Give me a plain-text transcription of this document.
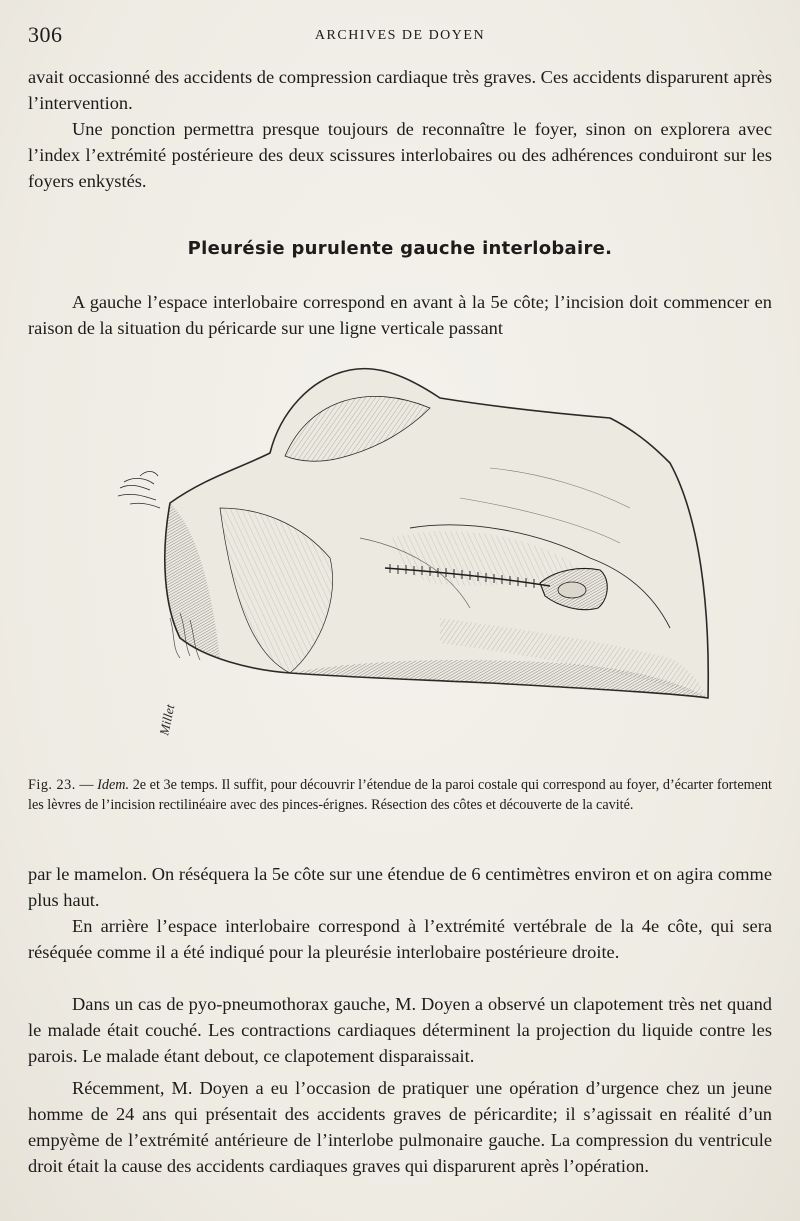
306	ARCHIVES DE DOYEN

avait occasionné des accidents de compression cardiaque très graves. Ces accidents disparurent après l’intervention.

Une ponction permettra presque toujours de reconnaître le foyer, sinon on explorera avec l’index l’extrémité postérieure des deux scissures interlobaires ou des adhérences conduiront sur les foyers enkystés.

Pleurésie purulente gauche interlobaire.

A gauche l’espace interlobaire correspond en avant à la 5e côte; l’incision doit commencer en raison de la situation du péricarde sur une ligne verticale passant

Millet

Fig. 23. — Idem. 2e et 3e temps. Il suffit, pour découvrir l’étendue de la paroi costale qui correspond au foyer, d’écarter fortement les lèvres de l’incision rectilinéaire avec des pinces-érignes. Résection des côtes et découverte de la cavité.

par le mamelon. On réséquera la 5e côte sur une étendue de 6 centimètres environ et on agira comme plus haut.

En arrière l’espace interlobaire correspond à l’extrémité vertébrale de la 4e côte, qui sera réséquée comme il a été indiqué pour la pleurésie interlobaire postérieure droite.

Dans un cas de pyo-pneumothorax gauche, M. Doyen a observé un clapotement très net quand le malade était couché. Les contractions cardiaques déterminent la projection du liquide contre les parois. Le malade étant debout, ce clapotement disparaissait.

Récemment, M. Doyen a eu l’occasion de pratiquer une opération d’urgence chez un jeune homme de 24 ans qui présentait des accidents graves de péricardite; il s’agissait en réalité d’un empyème de l’extrémité antérieure de l’interlobe pulmonaire gauche. La compression du ventricule droit était la cause des accidents cardiaques graves qui disparurent après l’opération.
